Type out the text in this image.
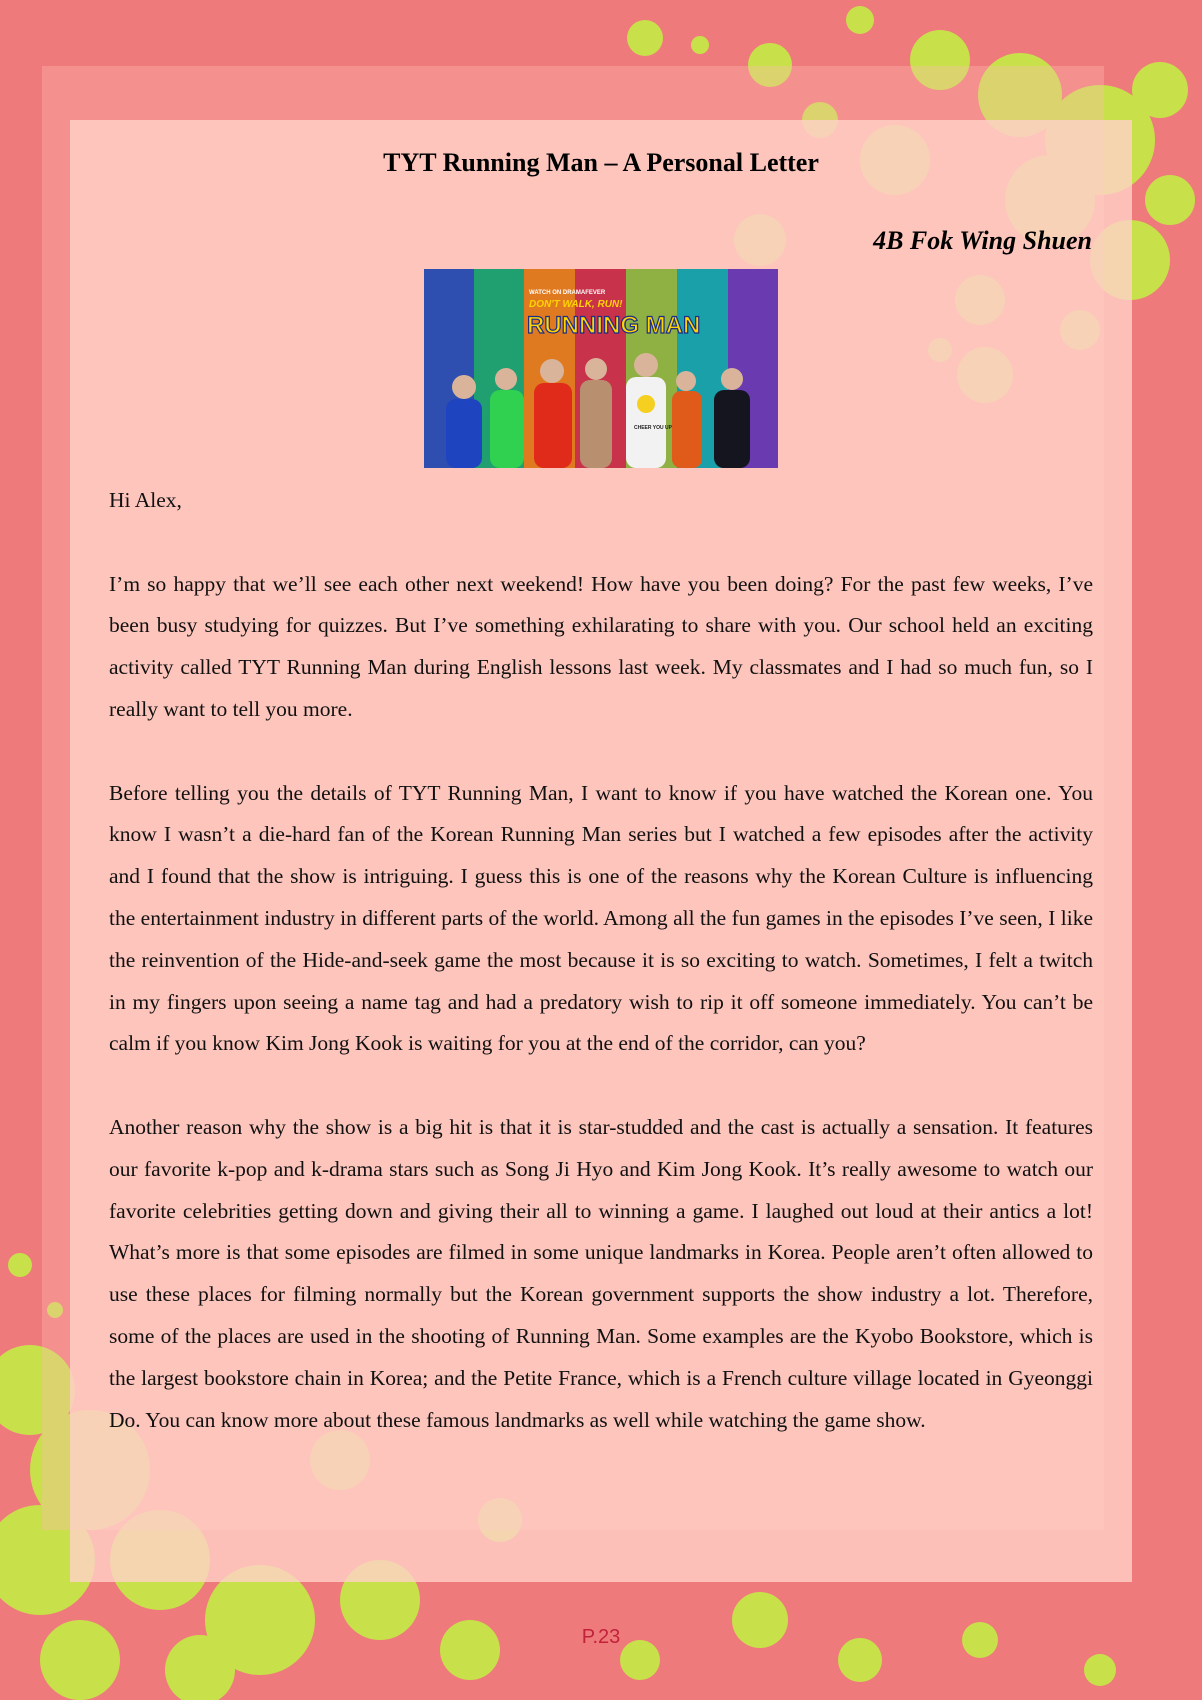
TYT Running Man – A Personal Letter
4B Fok Wing Shuen
WATCH ON DRAMAFEVER
DON'T WALK, RUN!
RUNNING MAN
CHEER YOU UP

Hi Alex,

I’m so happy that we’ll see each other next weekend! How have you been doing? For the past few weeks, I’ve been busy studying for quizzes. But I’ve something exhilarating to share with you. Our school held an exciting activity called TYT Running Man during English lessons last week. My classmates and I had so much fun, so I really want to tell you more.

Before telling you the details of TYT Running Man, I want to know if you have watched the Korean one. You know I wasn’t a die-hard fan of the Korean Running Man series but I watched a few episodes after the activity and I found that the show is intriguing. I guess this is one of the reasons why the Korean Culture is influencing the entertainment industry in different parts of the world. Among all the fun games in the episodes I’ve seen, I like the reinvention of the Hide-and-seek game the most because it is so exciting to watch. Sometimes, I felt a twitch in my fingers upon seeing a name tag and had a predatory wish to rip it off someone immediately. You can’t be calm if you know Kim Jong Kook is waiting for you at the end of the corridor, can you?

Another reason why the show is a big hit is that it is star-studded and the cast is actually a sensation. It features our favorite k-pop and k-drama stars such as Song Ji Hyo and Kim Jong Kook. It’s really awesome to watch our favorite celebrities getting down and giving their all to winning a game. I laughed out loud at their antics a lot! What’s more is that some episodes are filmed in some unique landmarks in Korea. People aren’t often allowed to use these places for filming normally but the Korean government supports the show industry a lot. Therefore, some of the places are used in the shooting of Running Man. Some examples are the Kyobo Bookstore, which is the largest bookstore chain in Korea; and the Petite France, which is a French culture village located in Gyeonggi Do. You can know more about these famous landmarks as well while watching the game show.

P.23
